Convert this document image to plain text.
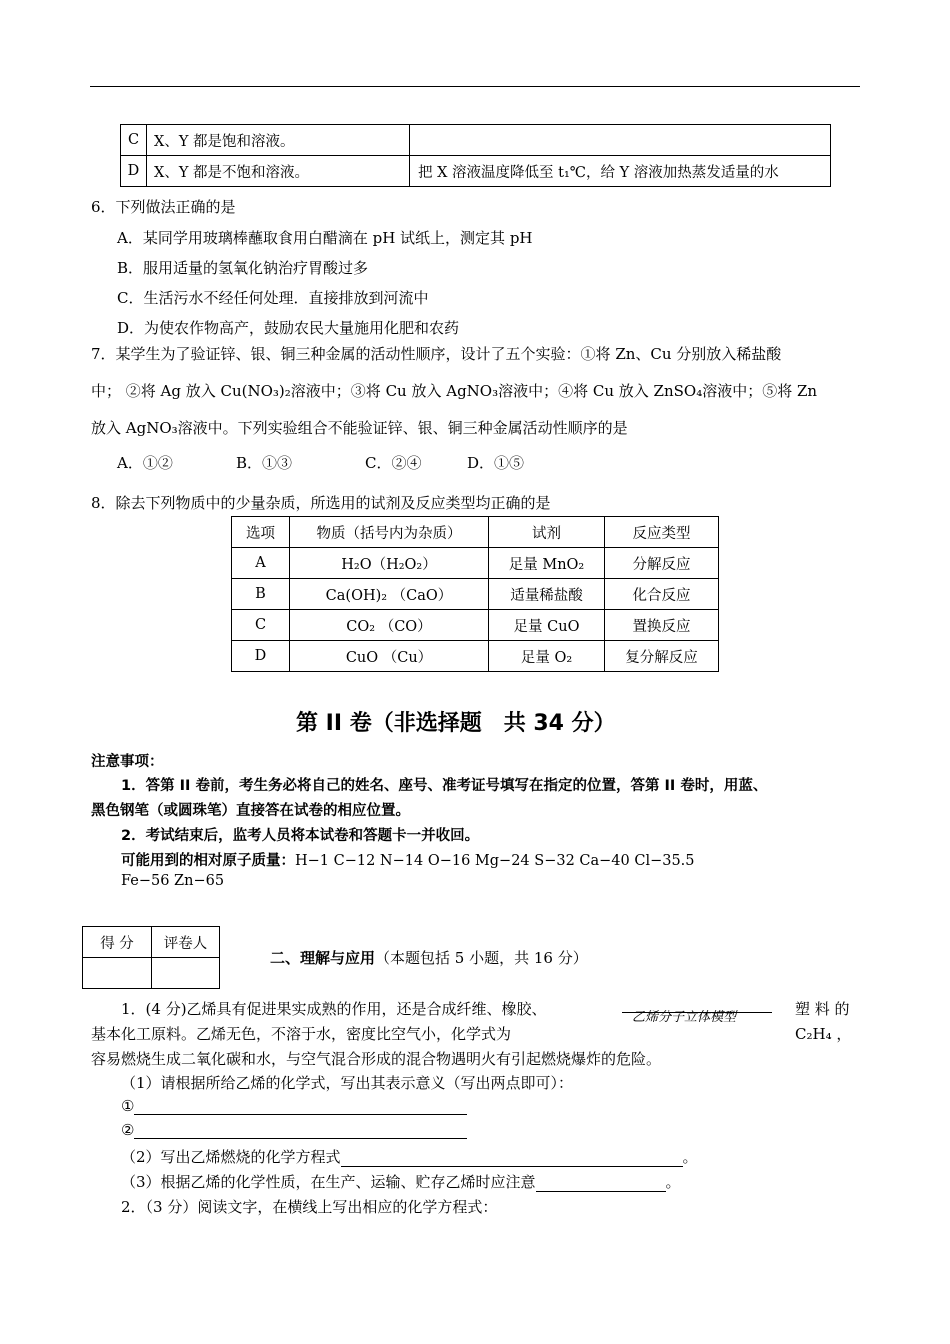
C	X、Y 都是饱和溶液。	
D	X、Y 都是不饱和溶液。	把 X 溶液温度降低至 t₁℃，给 Y 溶液加热蒸发适量的水
6．下列做法正确的是
A．某同学用玻璃棒蘸取食用白醋滴在 pH 试纸上，测定其 pH
B．服用适量的氢氧化钠治疗胃酸过多
C．生活污水不经任何处理．直接排放到河流中
D．为使农作物高产，鼓励农民大量施用化肥和农药
7．某学生为了验证锌、银、铜三种金属的活动性顺序，设计了五个实验：①将 Zn、Cu 分别放入稀盐酸
中； ②将 Ag 放入 Cu(NO₃)₂溶液中；③将 Cu 放入 AgNO₃溶液中；④将 Cu 放入 ZnSO₄溶液中；⑤将 Zn
放入 AgNO₃溶液中。下列实验组合不能验证锌、银、铜三种金属活动性顺序的是
A．①②	B．①③	C．②④	D．①⑤
8．除去下列物质中的少量杂质，所选用的试剂及反应类型均正确的是
选项	物质（括号内为杂质）	试剂	反应类型
A	H₂O（H₂O₂）	足量 MnO₂	分解反应
B	Ca(OH)₂ （CaO）	适量稀盐酸	化合反应
C	CO₂ （CO）	足量 CuO	置换反应
D	CuO （Cu）	足量 O₂	复分解反应
第 II 卷（非选择题　共 34 分）
注意事项：
1．答第 II 卷前，考生务必将自己的姓名、座号、准考证号填写在指定的位置，答第 II 卷时，用蓝、
黑色钢笔（或圆珠笔）直接答在试卷的相应位置。
2．考试结束后，监考人员将本试卷和答题卡一并收回。
可能用到的相对原子质量：H−1 C−12 N−14 O−16 Mg−24 S−32 Ca−40 Cl−35.5
Fe−56 Zn−65
得 分	评卷人

二、理解与应用（本题包括 5 小题，共 16 分）
1．(4 分)乙烯具有促进果实成熟的作用，还是合成纤维、橡胶、	塑 料 的
基本化工原料。乙烯无色，不溶于水，密度比空气小，化学式为	C₂H₄ ，
容易燃烧生成二氧化碳和水，与空气混合形成的混合物遇明火有引起燃烧爆炸的危险。
乙烯分子立体模型
（1）请根据所给乙烯的化学式，写出其表示意义（写出两点即可）：
①
②
（2）写出乙烯燃烧的化学方程式	。
（3）根据乙烯的化学性质，在生产、运输、贮存乙烯时应注意	。
2．（3 分）阅读文字，在横线上写出相应的化学方程式：
